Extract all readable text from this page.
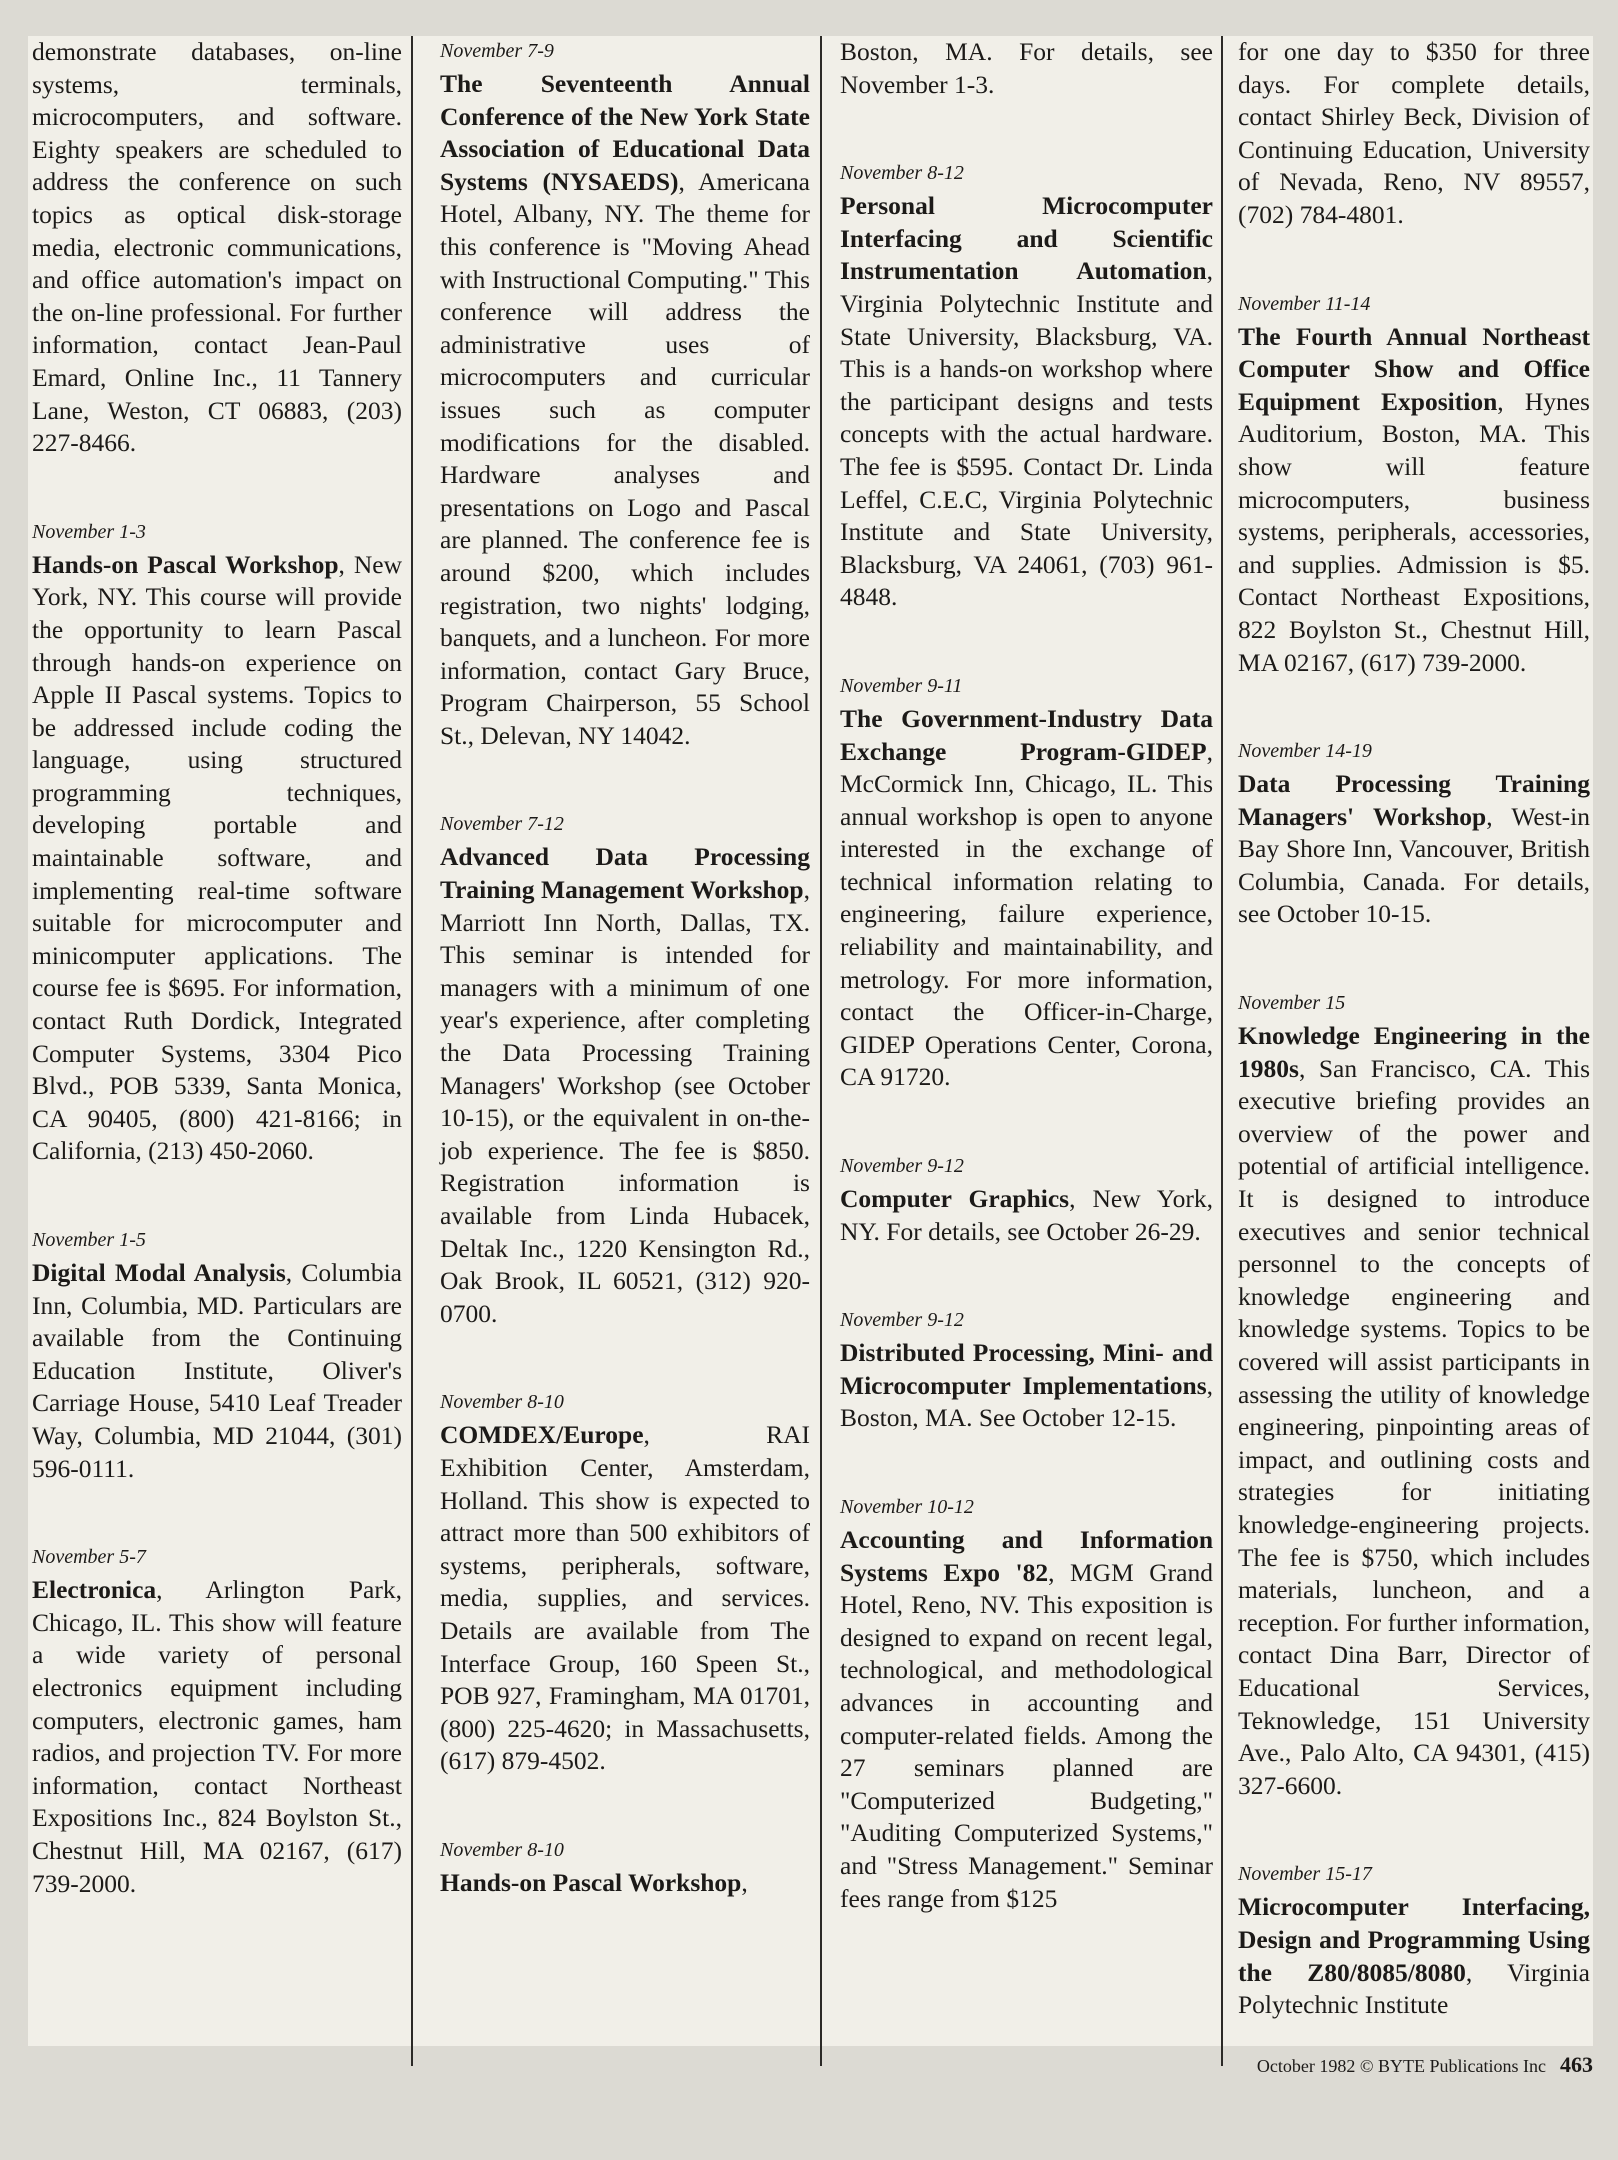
demonstrate databases, on-line systems, terminals, microcomputers, and software. Eighty speakers are scheduled to address the conference on such topics as optical disk-storage media, electronic communications, and office automation's impact on the on-line professional. For further information, contact Jean-Paul Emard, Online Inc., 11 Tannery Lane, Weston, CT 06883, (203) 227-8466.

November 1-3

Hands-on Pascal Workshop, New York, NY. This course will provide the opportunity to learn Pascal through hands-on experience on Apple II Pascal systems. Topics to be addressed include coding the language, using structured programming techniques, developing portable and maintainable software, and implementing real-time software suitable for microcomputer and minicomputer applications. The course fee is $695. For information, contact Ruth Dordick, Integrated Computer Systems, 3304 Pico Blvd., POB 5339, Santa Monica, CA 90405, (800) 421-8166; in California, (213) 450-2060.

November 1-5

Digital Modal Analysis, Columbia Inn, Columbia, MD. Particulars are available from the Continuing Education Institute, Oliver's Carriage House, 5410 Leaf Treader Way, Columbia, MD 21044, (301) 596-0111.

November 5-7

Electronica, Arlington Park, Chicago, IL. This show will feature a wide variety of personal electronics equipment including computers, electronic games, ham radios, and projection TV. For more information, contact Northeast Expositions Inc., 824 Boylston St., Chestnut Hill, MA 02167, (617) 739-2000.

November 7-9

The Seventeenth Annual Conference of the New York State Association of Educational Data Systems (NYSAEDS), Americana Hotel, Albany, NY. The theme for this conference is "Moving Ahead with Instructional Computing." This conference will address the administrative uses of microcomputers and curricular issues such as computer modifications for the disabled. Hardware analyses and presentations on Logo and Pascal are planned. The conference fee is around $200, which includes registration, two nights' lodging, banquets, and a luncheon. For more information, contact Gary Bruce, Program Chairperson, 55 School St., Delevan, NY 14042.

November 7-12

Advanced Data Processing Training Management Workshop, Marriott Inn North, Dallas, TX. This seminar is intended for managers with a minimum of one year's experience, after completing the Data Processing Training Managers' Workshop (see October 10-15), or the equivalent in on-the-job experience. The fee is $850. Registration information is available from Linda Hubacek, Deltak Inc., 1220 Kensington Rd., Oak Brook, IL 60521, (312) 920-0700.

November 8-10

COMDEX/Europe, RAI Exhibition Center, Amsterdam, Holland. This show is expected to attract more than 500 exhibitors of systems, peripherals, software, media, supplies, and services. Details are available from The Interface Group, 160 Speen St., POB 927, Framingham, MA 01701, (800) 225-4620; in Massachusetts, (617) 879-4502.

November 8-10

Hands-on Pascal Workshop,

Boston, MA. For details, see November 1-3.

November 8-12

Personal Microcomputer Interfacing and Scientific Instrumentation Automation, Virginia Polytechnic Institute and State University, Blacksburg, VA. This is a hands-on workshop where the participant designs and tests concepts with the actual hardware. The fee is $595. Contact Dr. Linda Leffel, C.E.C, Virginia Polytechnic Institute and State University, Blacksburg, VA 24061, (703) 961-4848.

November 9-11

The Government-Industry Data Exchange Program-GIDEP, McCormick Inn, Chicago, IL. This annual workshop is open to anyone interested in the exchange of technical information relating to engineering, failure experience, reliability and maintainability, and metrology. For more information, contact the Officer-in-Charge, GIDEP Operations Center, Corona, CA 91720.

November 9-12

Computer Graphics, New York, NY. For details, see October 26-29.

November 9-12

Distributed Processing, Mini- and Microcomputer Implementations, Boston, MA. See October 12-15.

November 10-12

Accounting and Information Systems Expo '82, MGM Grand Hotel, Reno, NV. This exposition is designed to expand on recent legal, technological, and methodological advances in accounting and computer-related fields. Among the 27 seminars planned are "Computerized Budgeting," "Auditing Computerized Systems," and "Stress Management." Seminar fees range from $125

for one day to $350 for three days. For complete details, contact Shirley Beck, Division of Continuing Education, University of Nevada, Reno, NV 89557, (702) 784-4801.

November 11-14

The Fourth Annual Northeast Computer Show and Office Equipment Exposition, Hynes Auditorium, Boston, MA. This show will feature microcomputers, business systems, peripherals, accessories, and supplies. Admission is $5. Contact Northeast Expositions, 822 Boylston St., Chestnut Hill, MA 02167, (617) 739-2000.

November 14-19

Data Processing Training Managers' Workshop, West-in Bay Shore Inn, Vancouver, British Columbia, Canada. For details, see October 10-15.

November 15

Knowledge Engineering in the 1980s, San Francisco, CA. This executive briefing provides an overview of the power and potential of artificial intelligence. It is designed to introduce executives and senior technical personnel to the concepts of knowledge engineering and knowledge systems. Topics to be covered will assist participants in assessing the utility of knowledge engineering, pinpointing areas of impact, and outlining costs and strategies for initiating knowledge-engineering projects. The fee is $750, which includes materials, luncheon, and a reception. For further information, contact Dina Barr, Director of Educational Services, Teknowledge, 151 University Ave., Palo Alto, CA 94301, (415) 327-6600.

November 15-17

Microcomputer Interfacing, Design and Programming Using the Z80/8085/8080, Virginia Polytechnic Institute

October 1982 © BYTE Publications Inc 463
